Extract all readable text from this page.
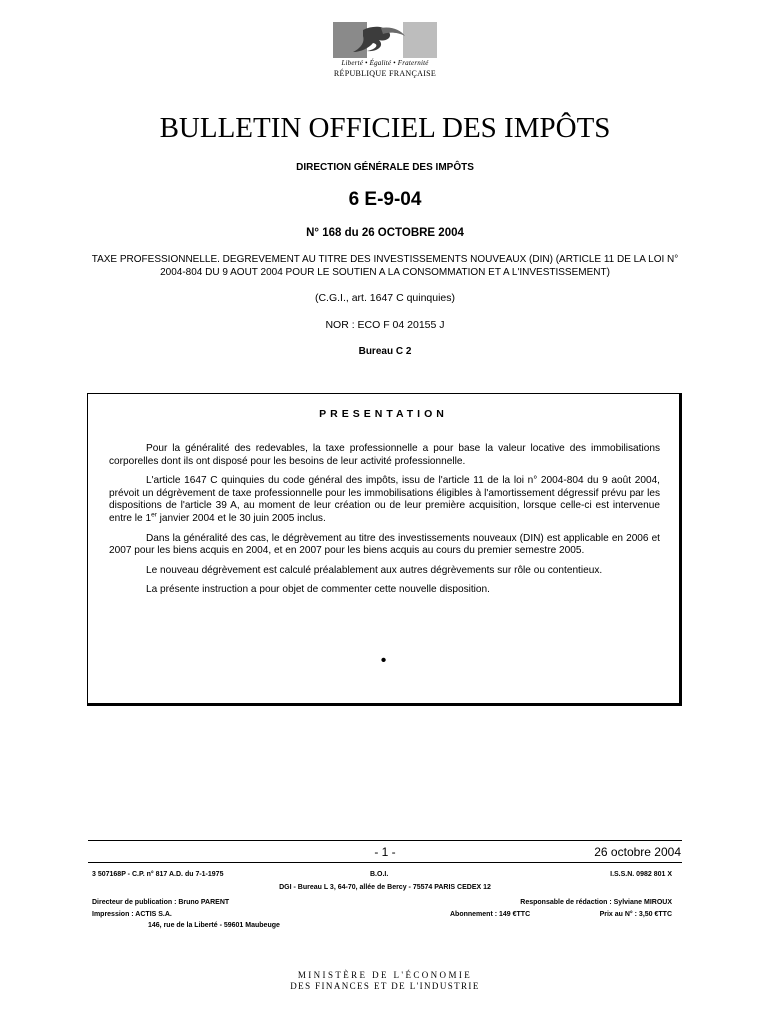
Liberté • Égalité • Fraternité
RÉPUBLIQUE FRANÇAISE
BULLETIN OFFICIEL DES IMPÔTS
DIRECTION GÉNÉRALE DES IMPÔTS
6 E-9-04
N° 168 du 26 OCTOBRE 2004
TAXE PROFESSIONNELLE. DEGREVEMENT AU TITRE DES INVESTISSEMENTS NOUVEAUX (DIN) (ARTICLE 11 DE LA LOI N° 2004-804 DU 9 AOUT 2004 POUR LE SOUTIEN A LA CONSOMMATION ET A L'INVESTISSEMENT)
(C.G.I., art. 1647 C quinquies)
NOR : ECO F 04 20155 J
Bureau C 2
PRESENTATION

Pour la généralité des redevables, la taxe professionnelle a pour base la valeur locative des immobilisations corporelles dont ils ont disposé pour les besoins de leur activité professionnelle.

L'article 1647 C quinquies du code général des impôts, issu de l'article 11 de la loi n° 2004-804 du 9 août 2004, prévoit un dégrèvement de taxe professionnelle pour les immobilisations éligibles à l'amortissement dégressif prévu par les dispositions de l'article 39 A, au moment de leur création ou de leur première acquisition, lorsque celle-ci est intervenue entre le 1er janvier 2004 et le 30 juin 2005 inclus.

Dans la généralité des cas, le dégrèvement au titre des investissements nouveaux (DIN) est applicable en 2006 et 2007 pour les biens acquis en 2004, et en 2007 pour les biens acquis au cours du premier semestre 2005.

Le nouveau dégrèvement est calculé préalablement aux autres dégrèvements sur rôle ou contentieux.

La présente instruction a pour objet de commenter cette nouvelle disposition.

•
- 1 -	26 octobre 2004
3 507168P - C.P. n° 817 A.D. du 7-1-1975	B.O.I.	I.S.S.N. 0982 801 X
DGI - Bureau L 3, 64-70, allée de Bercy - 75574 PARIS CEDEX 12
Directeur de publication : Bruno PARENT	Responsable de rédaction : Sylviane MIROUX
Impression : ACTIS S.A.	Abonnement : 149 €TTC	Prix au N° : 3,50 €TTC
146, rue de la Liberté - 59601 Maubeuge
MINISTÈRE DE L'ÉCONOMIE
DES FINANCES ET DE L'INDUSTRIE
